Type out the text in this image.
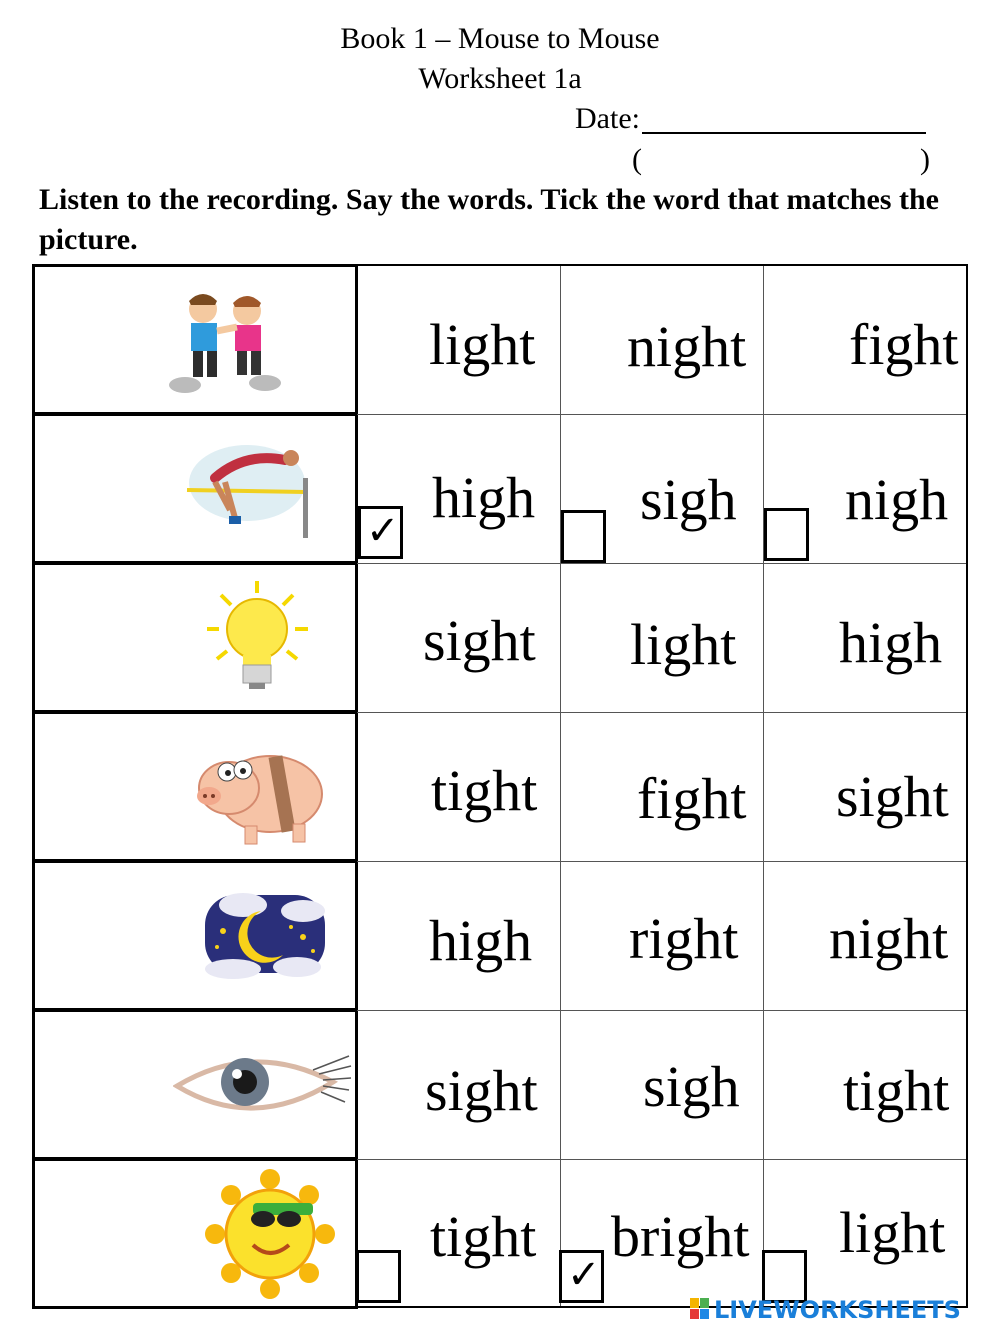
Book 1 – Mouse to Mouse
Worksheet 1a
Date:
(	)
Listen to the recording. Say the words. Tick the word that matches the picture.
light night fight
high sigh nigh
✓
sight light high
tight fight sight
high right night
sight sigh tight
tight bright light
✓
LIVEWORKSHEETS
